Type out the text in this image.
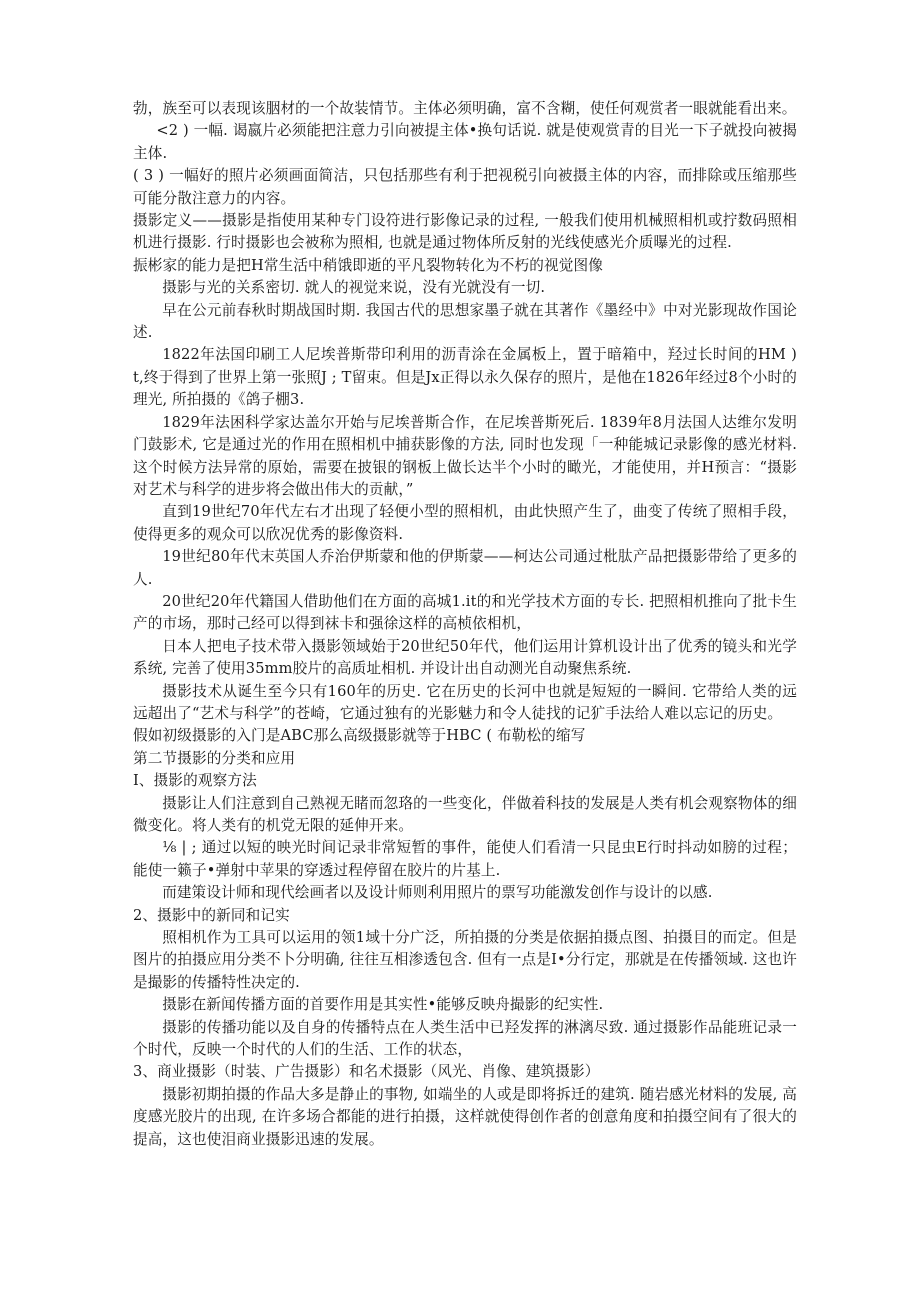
勃，族至可以表现该胭材的一个故装情节。主体必须明确，富不含糊，使任何观赏者一眼就能看出来。

<2 ) 一幅. 谒嬴片必须能把注意力引向被提主体•换句话说. 就是使观赏青的目光一下子就投向被揭主体.

( 3 ) 一幅好的照片必须画面简洁，只包括那些有利于把视税引向被摄主体的内容，而排除或压缩那些可能分散注意力的内容。

摄影定义——摄影是指使用某种专门设符进行影像记录的过程, 一般我们使用机械照相机或拧数码照相机进行摄影. 行时摄影也会被称为照相, 也就是通过物体所反射的光线使感光介质曝光的过程.

振彬家的能力是把H常生活中稍饿即逝的平凡裂物转化为不朽的视觉图像

摄影与光的关系密切. 就人的视觉来说，没有光就没有一切.

早在公元前春秋时期战国时期. 我国古代的思想家墨子就在其著作《墨经中》中对光影现故作国论述.

1822年法国印刷工人尼埃普斯带印利用的沥青涂在金属板上，置于暗箱中，羟过长时间的HM ) t,终于得到了世界上第一张照J ; T留束。但是Jx正得以永久保存的照片，是他在1826年经过8个小时的理光, 所拍摄的《鸽子棚3.

1829年法困科学家达盖尔开始与尼埃普斯合作，在尼埃普斯死后. 1839年8月法国人达维尔发明门鼓影术, 它是通过光的作用在照相机中捕获影像的方法, 同时也发现「一种能城记录影像的感光材料. 这个时候方法异常的原始，需要在披银的钢板上做长达半个小时的瞰光，才能使用，并H预言：“摄影对艺术与科学的进步将会做出伟大的贡献，”

直到19世纪70年代左右才出现了轻便小型的照相机，由此快照产生了，曲变了传统了照相手段，使得更多的观众可以欣况优秀的影像资料.

19世纪80年代末英国人乔治伊斯蒙和他的伊斯蒙——柯达公司通过枇肽产品把摄影带给了更多的人.

20世纪20年代籍国人借助他们在方面的高城1.it的和光学技术方面的专长. 把照相机推向了批卡生产的市场，那时己经可以得到袜卡和强徐这样的高桢依相机，

日本人把电子技术带入摄影领域始于20世纪50年代，他们运用计算机设计出了优秀的镜头和光学系统, 完善了使用35mm胶片的高质址相机. 并设计出自动测光自动聚焦系统.

摄影技术从诞生至今只有160年的历史. 它在历史的长河中也就是短短的一瞬间. 它带给人类的远远超出了“艺术与科学”的苍崎，它通过独有的光影魅力和令人徒找的记犷手法给人难以忘记的历史。

假如初级摄影的入门是ABC那么高级摄影就等于HBC ( 布勒松的缩写

第二节摄影的分类和应用

I、摄影的观察方法

摄影让人们注意到自己熟视无睹而忽珞的一些变化，伴做着科技的发展是人类有机会观察物体的细微变化。将人类有的机党无限的延伸开来。

⅛ | ; 通过以短的映光时间记录非常短暂的事件，能使人们看清一只昆虫E行时抖动如膀的过程；能使一籁子•弹射中苹果的穿透过程停留在胶片的片基上.

而建策设计师和现代绘画者以及设计师则利用照片的票写功能激发创作与设计的以感.

2、摄影中的新同和记实

照相机作为工具可以运用的领1域十分广泛，所拍摄的分类是依据拍摄点图、拍摄目的而定。但是图片的拍摄应用分类不卜分明确, 往往互相渗透包含. 但有一点是I•分行定，那就是在传播领域. 这也许是撮影的传播特性决定的.

摄影在新闻传播方面的首要作用是其实性•能够反映舟撮影的纪实性.

摄影的传播功能以及自身的传播特点在人类生活中已羟发挥的淋漓尽致. 通过摄影作品能班记录一个时代，反映一个时代的人们的生活、工作的状态，

3、商业摄影（时装、广告摄影）和名术摄影（风光、肖像、建筑摄影）

摄影初期拍摄的作品大多是静止的事物, 如端坐的人或是即将拆迁的建筑. 随岩感光材料的发展, 高度感光胶片的出现, 在许多场合都能的进行拍摄，这样就使得创作者的创意角度和拍摄空间有了很大的提高，这也使泪商业摄影迅速的发展。
